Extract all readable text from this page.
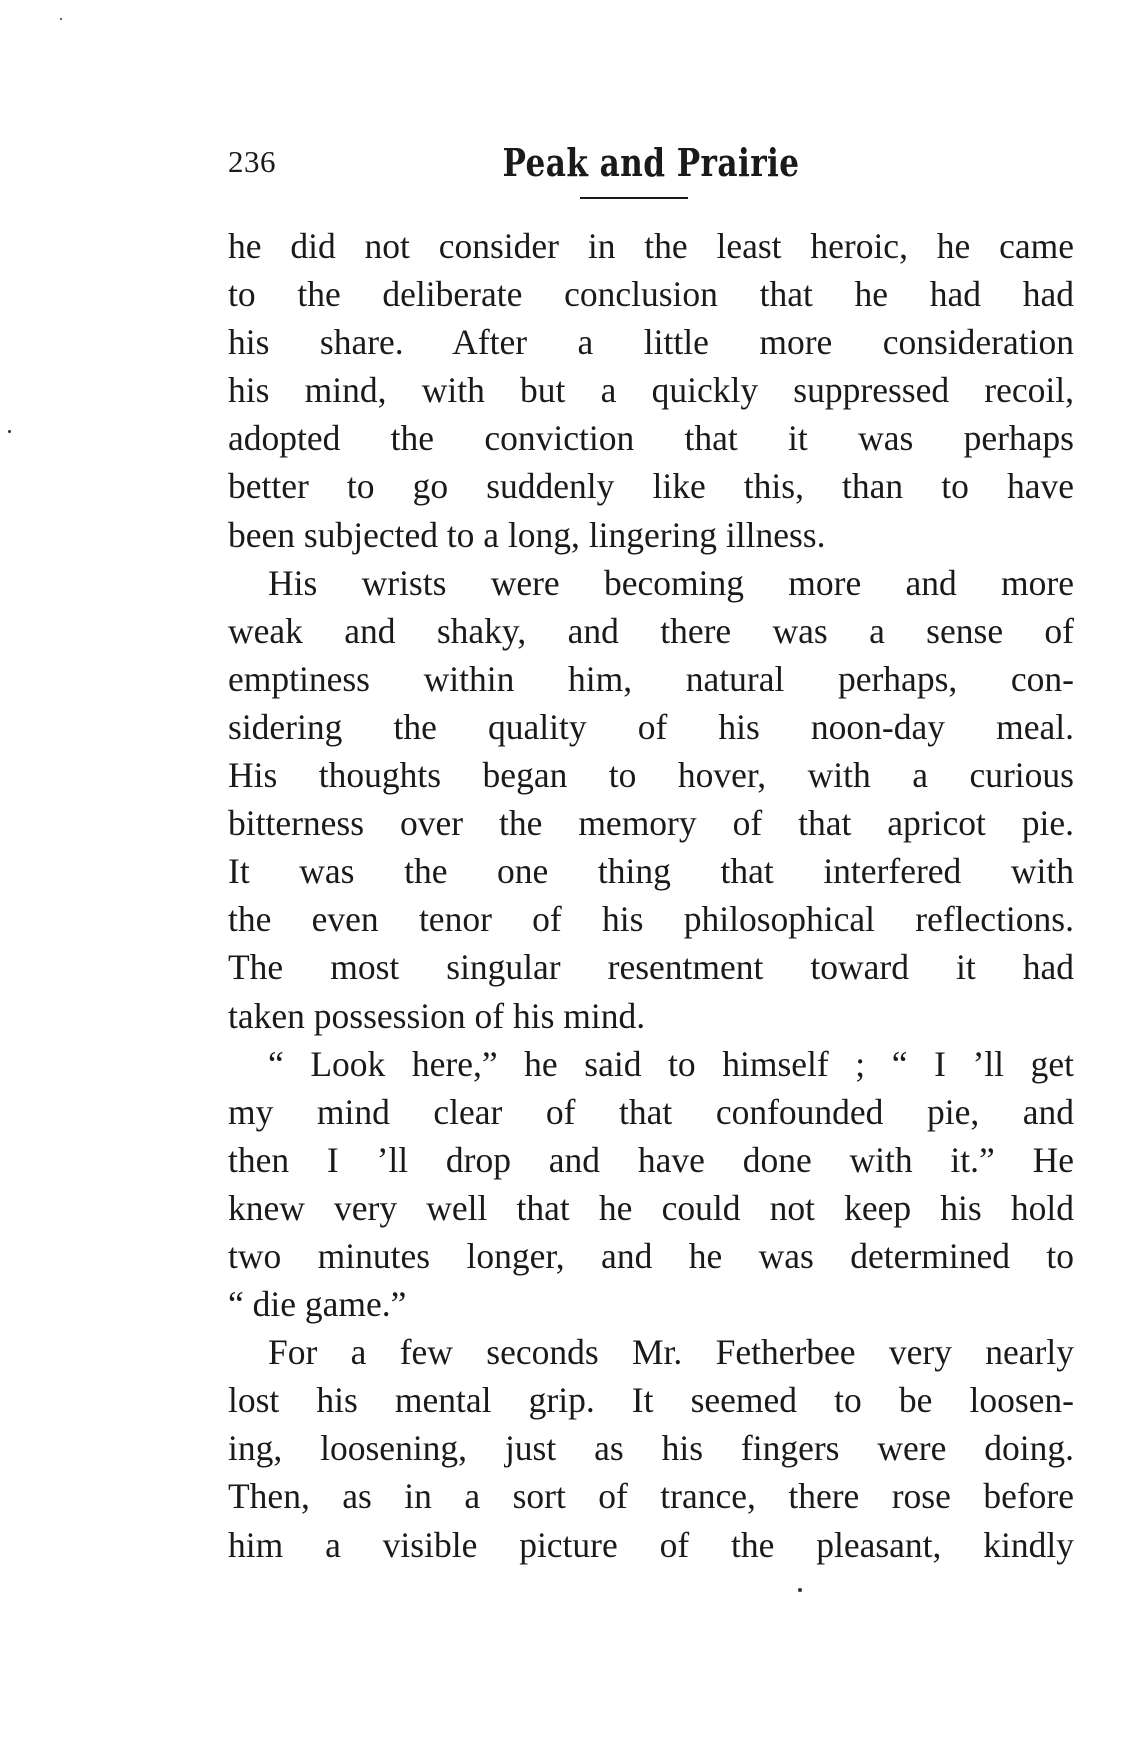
236	Peak and Prairie
he did not consider in the least heroic, he came
to the deliberate conclusion that he had had
his share. After a little more consideration
his mind, with but a quickly suppressed recoil,
adopted the conviction that it was perhaps
better to go suddenly like this, than to have
been subjected to a long, lingering illness.
His wrists were becoming more and more
weak and shaky, and there was a sense of
emptiness within him, natural perhaps, con-
sidering the quality of his noon-day meal.
His thoughts began to hover, with a curious
bitterness over the memory of that apricot pie.
It was the one thing that interfered with
the even tenor of his philosophical reflections.
The most singular resentment toward it had
taken possession of his mind.
“ Look here,” he said to himself ; “ I ’ll get
my mind clear of that confounded pie, and
then I ’ll drop and have done with it.” He
knew very well that he could not keep his hold
two minutes longer, and he was determined to
“ die game.”
For a few seconds Mr. Fetherbee very nearly
lost his mental grip. It seemed to be loosen-
ing, loosening, just as his fingers were doing.
Then, as in a sort of trance, there rose before
him a visible picture of the pleasant, kindly
